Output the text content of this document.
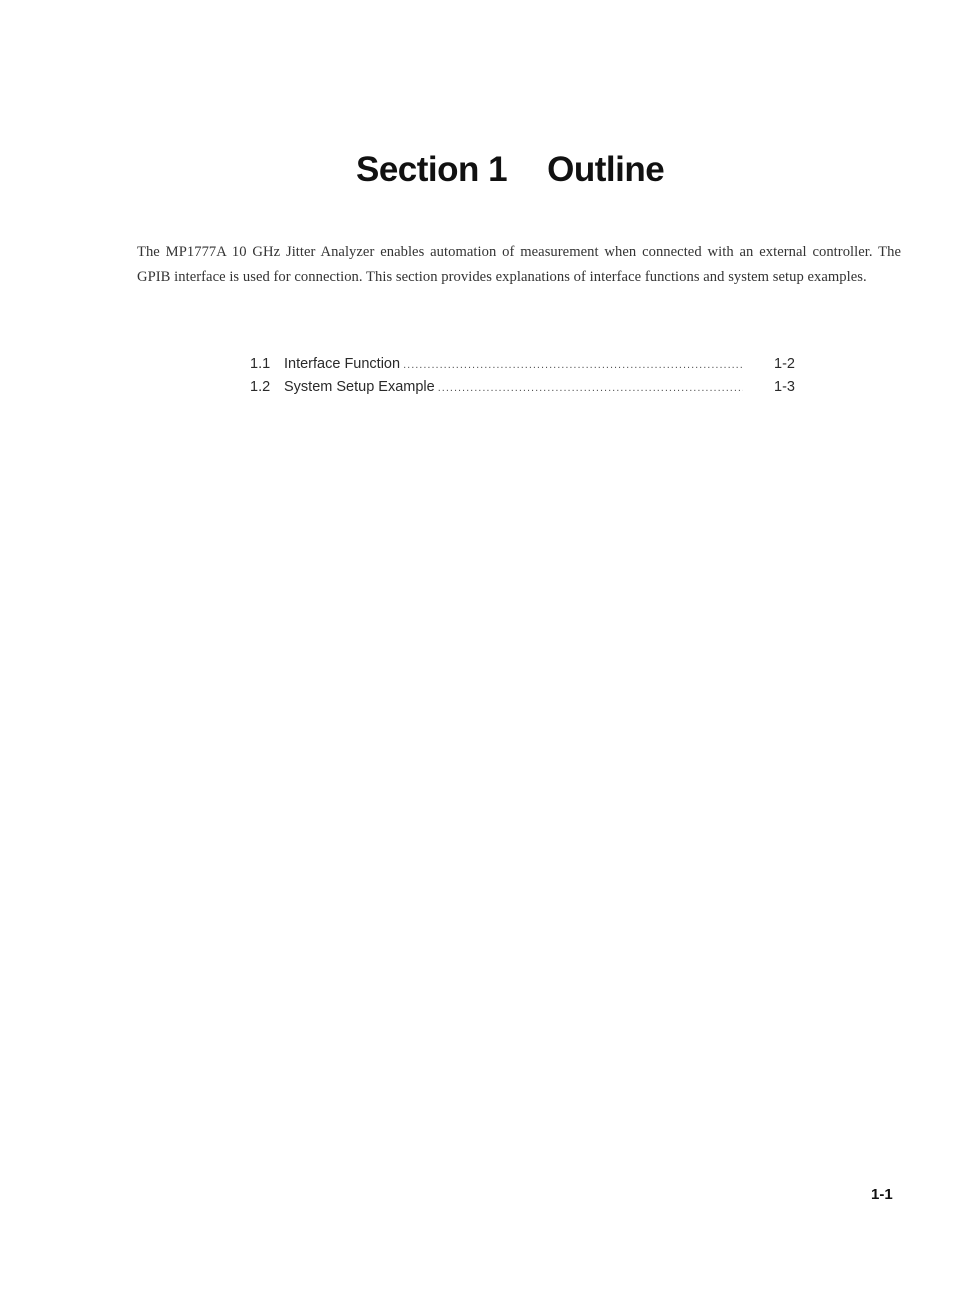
Section 1 Outline

The MP1777A 10 GHz Jitter Analyzer enables automation of measurement when connected with an external controller. The GPIB interface is used for connection. This section provides explanations of interface functions and system setup examples.

1.1 Interface Function .....	1-2
1.2 System Setup Example .....	1-3
1-1
